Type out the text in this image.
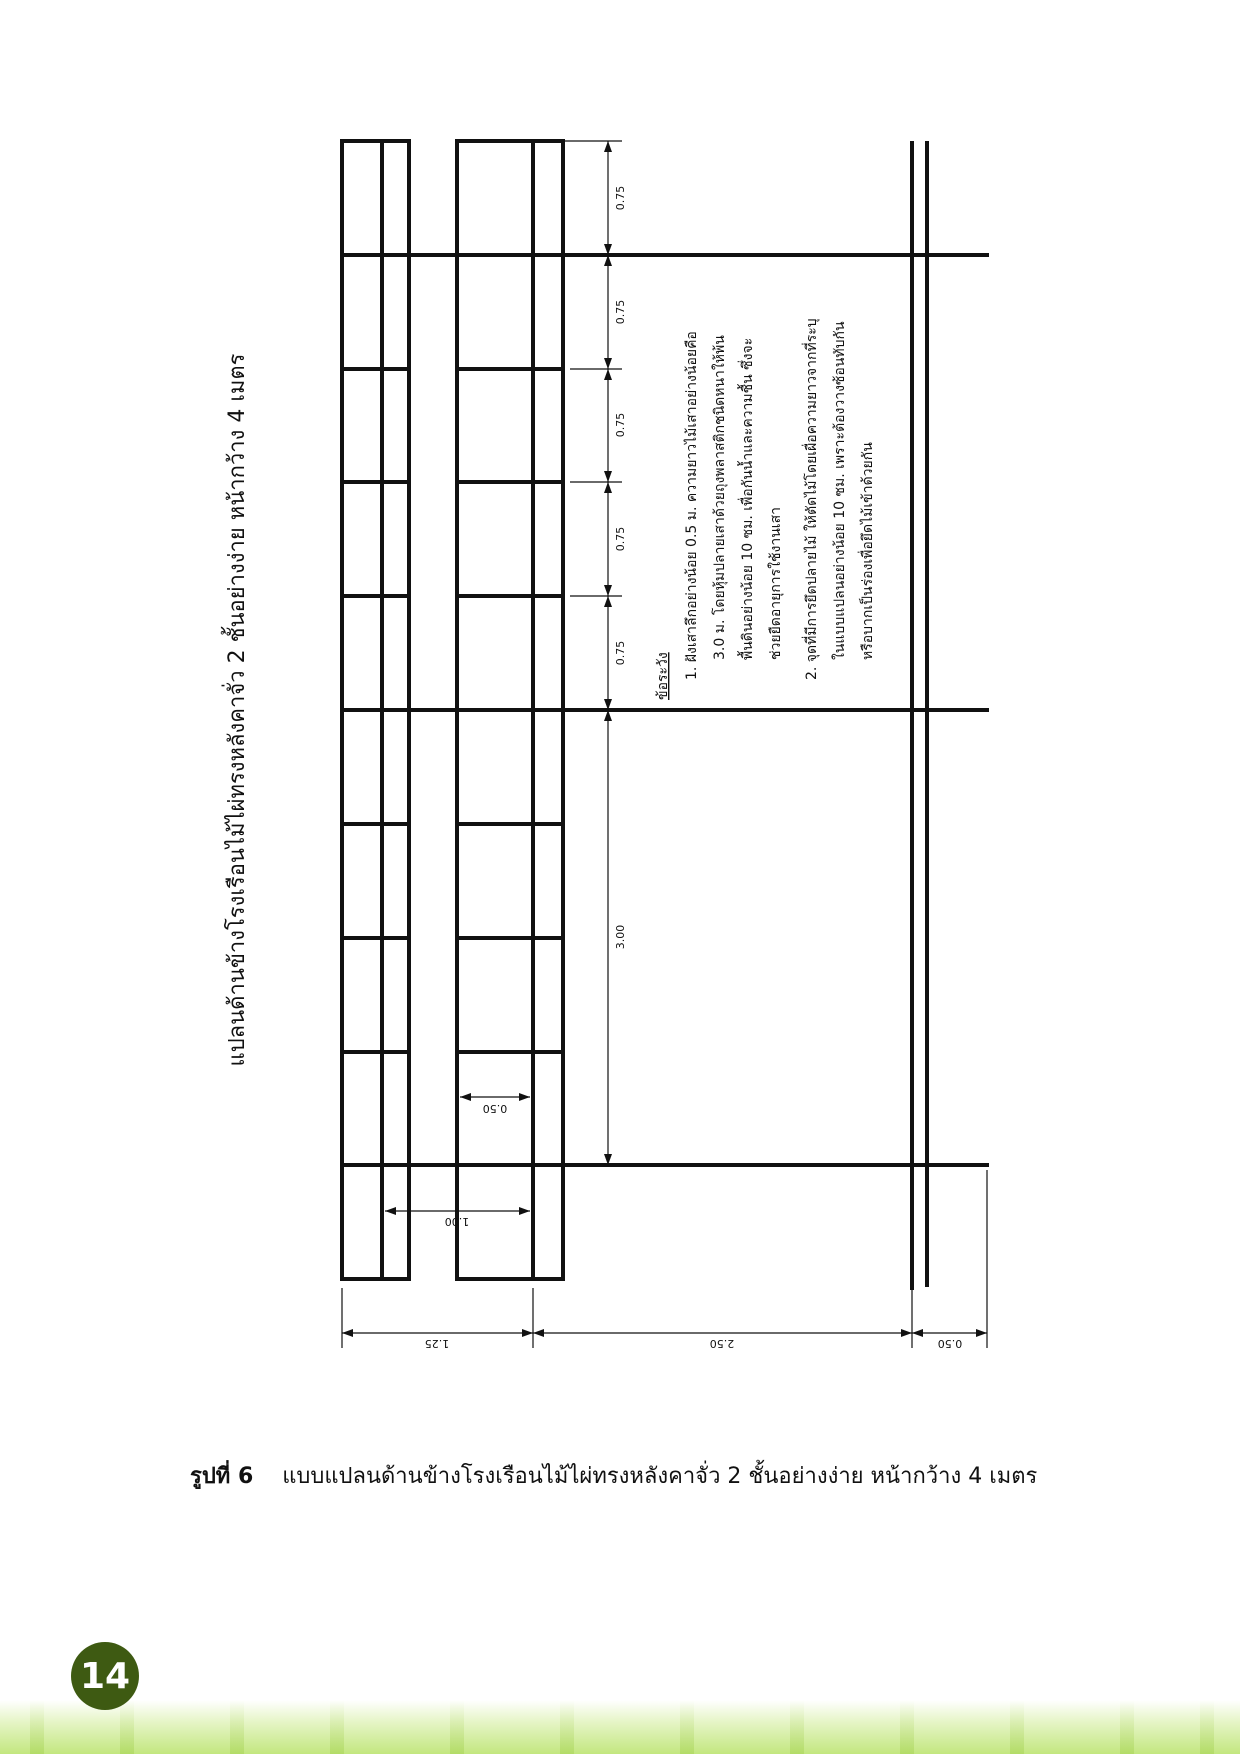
แปลนด้านข้างโรงเรือนไม้ไผ่ทรงหลังคาจั่ว 2 ชั้นอย่างง่าย หน้ากว้าง 4 เมตร
0.75
0.75
0.75
0.75
0.75
3.00
1.25	2.50	0.50
0.50
1.00
ข้อระวัง 1. ฝังเสาลึกอย่างน้อย 0.5 ม. ความยาวไม้เสาอย่างน้อยคือ 3.0 ม. โดยหุ้มปลายเสาด้วยถุงพลาสติกชนิดหนาให้พ้น พื้นดินอย่างน้อย 10 ซม. เพื่อกันน้ำและความชื้น ซึ่งจะ ช่วยยืดอายุการใช้งานเสา 2. จุดที่มีการยึดปลายไม้ ให้ตัดไม้โดยเผื่อความยาวจากที่ระบุ ในแบบแปลนอย่างน้อย 10 ซม. เพราะต้องวางซ้อนทับกัน หรือบากเป็นร่องเพื่อยึดไม้เข้าด้วยกัน
รูปที่ 6 แบบแปลนด้านข้างโรงเรือนไม้ไผ่ทรงหลังคาจั่ว 2 ชั้นอย่างง่าย หน้ากว้าง 4 เมตร
14
